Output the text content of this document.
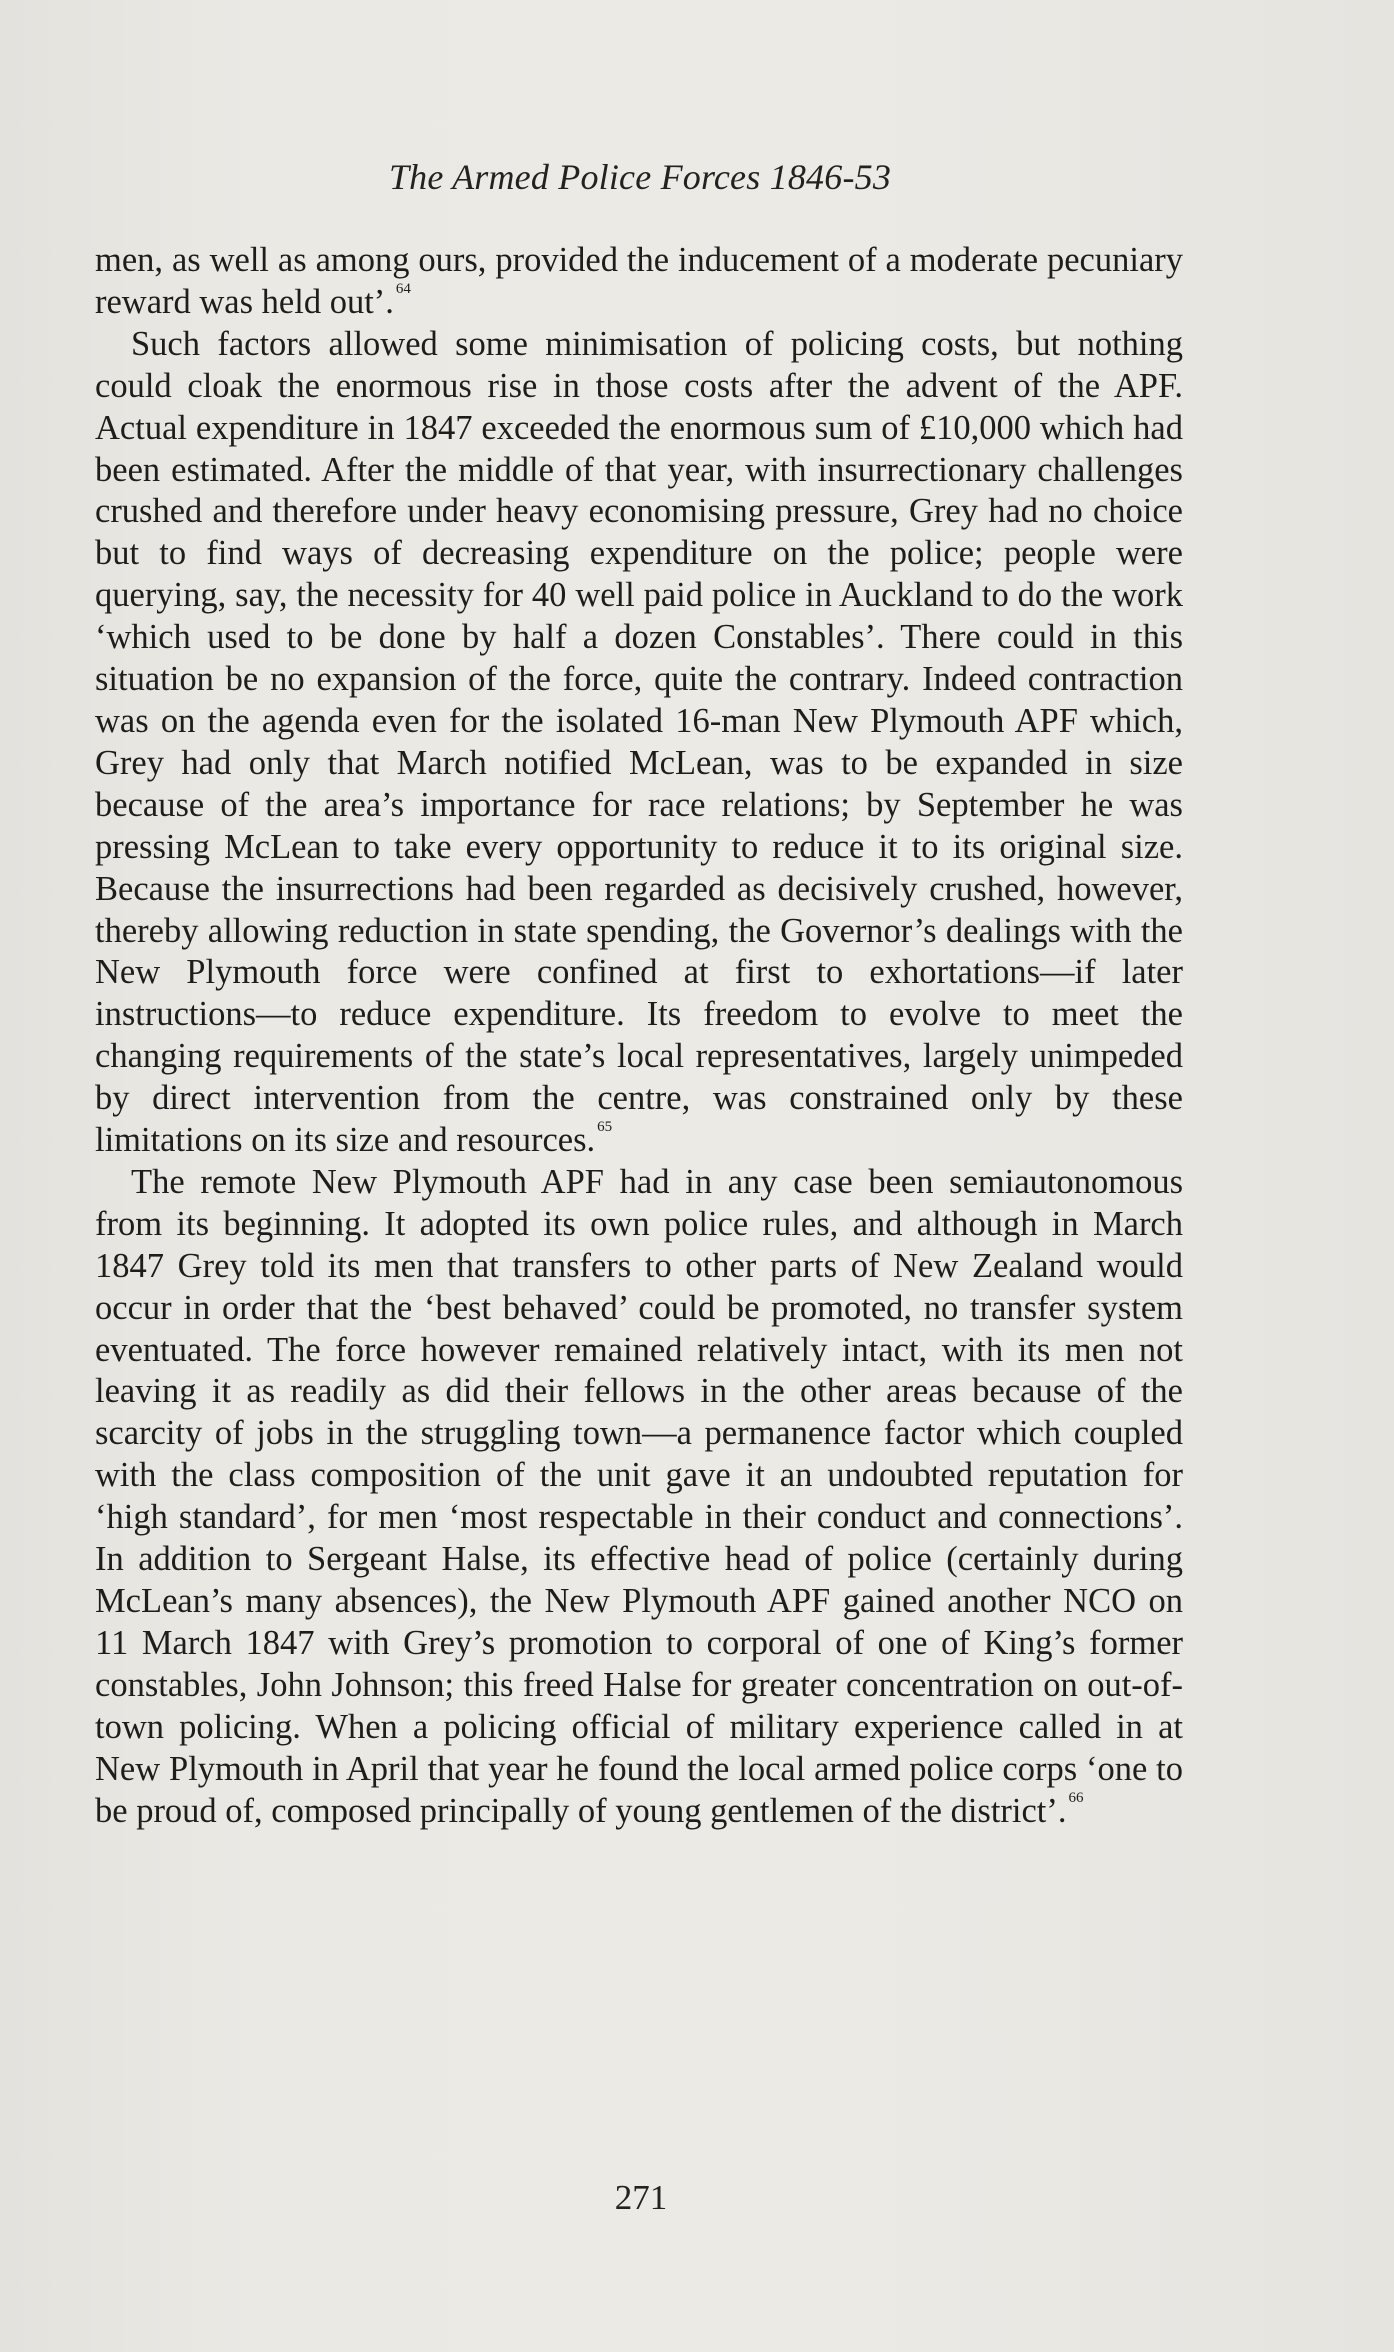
The Armed Police Forces 1846-53

men, as well as among ours, provided the inducement of a moderate pecuniary reward was held out’. $^{64}$

Such factors allowed some minimisation of policing costs, but nothing could cloak the enormous rise in those costs after the advent of the APF. Actual expenditure in 1847 exceeded the enormous sum of £10,000 which had been estimated. After the middle of that year, with insurrectionary challenges crushed and therefore under heavy economising pressure, Grey had no choice but to find ways of decreasing expenditure on the police; people were querying, say, the necessity for 40 well paid police in Auckland to do the work ‘which used to be done by half a dozen Constables’. There could in this situation be no expansion of the force, quite the contrary. Indeed contraction was on the agenda even for the isolated 16-man New Plymouth APF which, Grey had only that March notified McLean, was to be expanded in size because of the area’s importance for race relations; by September he was pressing McLean to take every opportunity to reduce it to its original size. Because the insurrections had been regarded as decisively crushed, however, thereby allowing reduction in state spending, the Governor’s dealings with the New Plymouth force were confined at first to exhortations—if later instructions—to reduce expenditure. Its freedom to evolve to meet the changing requirements of the state’s local representatives, largely unimpeded by direct intervention from the centre, was constrained only by these limitations on its size and resources. $^{65}$

The remote New Plymouth APF had in any case been semiautonomous from its beginning. It adopted its own police rules, and although in March 1847 Grey told its men that transfers to other parts of New Zealand would occur in order that the ‘best behaved’ could be promoted, no transfer system eventuated. The force however remained relatively intact, with its men not leaving it as readily as did their fellows in the other areas because of the scarcity of jobs in the struggling town—a permanence factor which coupled with the class composition of the unit gave it an undoubted reputation for ‘high standard’, for men ‘most respectable in their conduct and connections’. In addition to Sergeant Halse, its effective head of police (certainly during McLean’s many absences), the New Plymouth APF gained another NCO on 11 March 1847 with Grey’s promotion to corporal of one of King’s former constables, John Johnson; this freed Halse for greater concentration on out-of-town policing. When a policing official of military experience called in at New Plymouth in April that year he found the local armed police corps ‘one to be proud of, composed principally of young gentlemen of the district’. $^{66}$

271
